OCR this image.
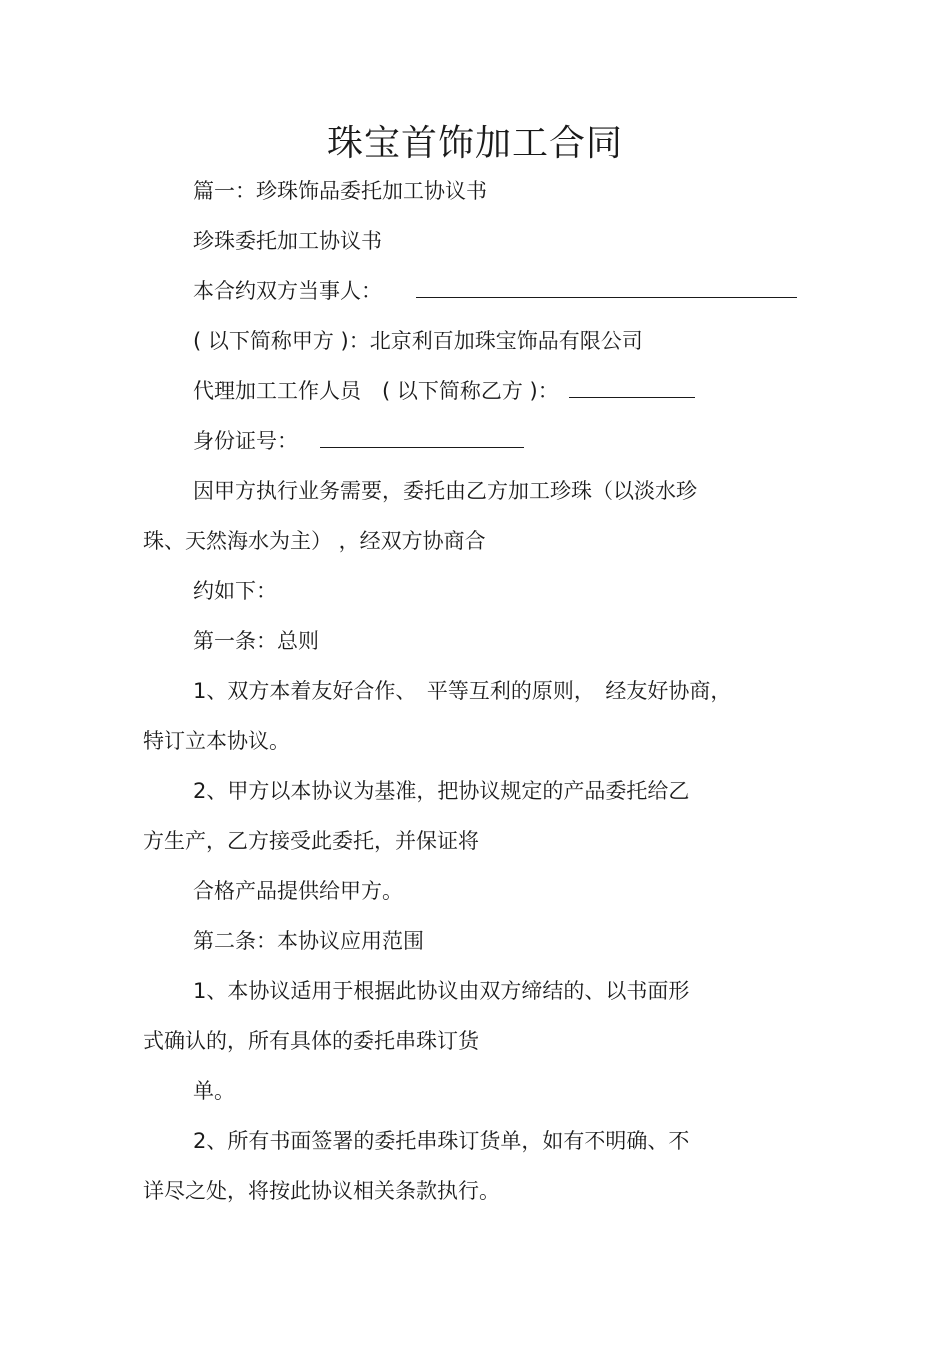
珠宝首饰加工合同
篇一：珍珠饰品委托加工协议书
珍珠委托加工协议书
本合约双方当事人：
( 以下简称甲方 )：北京利百加珠宝饰品有限公司
代理加工工作人员　( 以下简称乙方 )：
身份证号：
因甲方执行业务需要，委托由乙方加工珍珠（以淡水珍
珠、天然海水为主） ，经双方协商合
约如下：
第一条：总则
1、双方本着友好合作、　平等互利的原则，　经友好协商，
特订立本协议。
2、甲方以本协议为基准，把协议规定的产品委托给乙
方生产，乙方接受此委托，并保证将
合格产品提供给甲方。
第二条：本协议应用范围
1、本协议适用于根据此协议由双方缔结的、以书面形
式确认的，所有具体的委托串珠订货
单。
2、所有书面签署的委托串珠订货单，如有不明确、不
详尽之处，将按此协议相关条款执行。
